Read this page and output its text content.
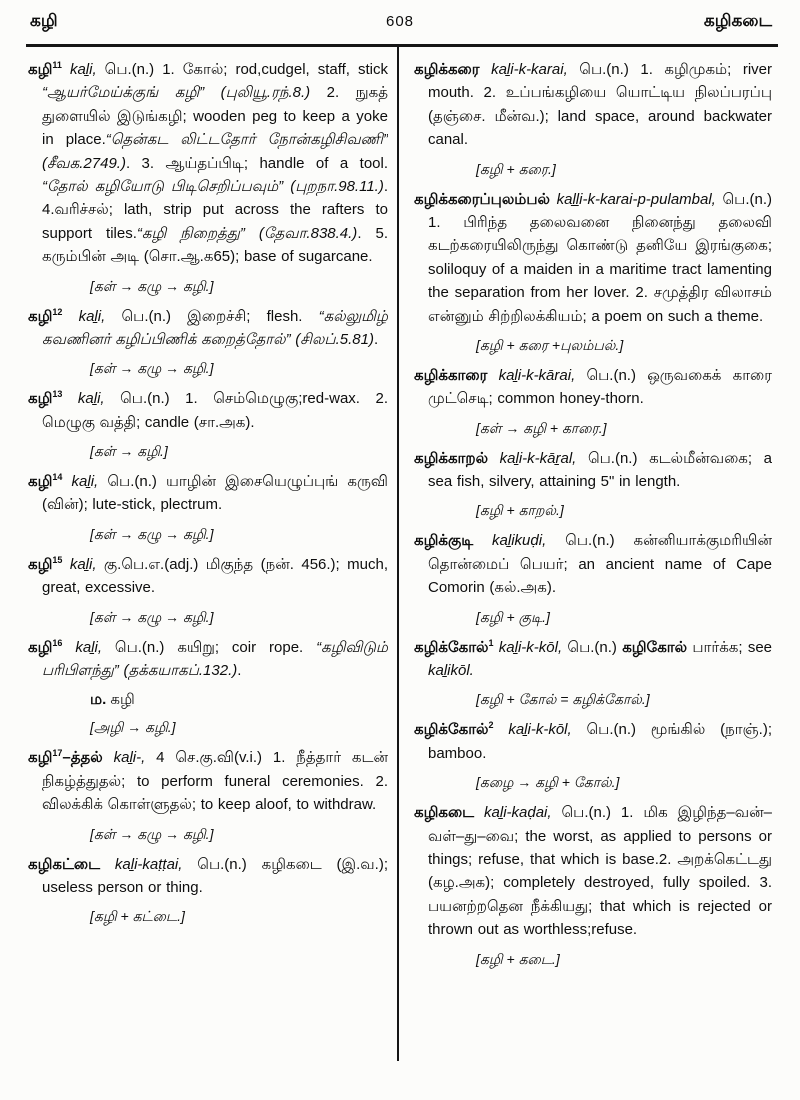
கழி	608	கழிகடை

கழி$^{11}$ kaḻi, பெ.(n.) 1. கோல்; rod,cudgel, staff, stick “ஆயர்மேய்க்குங் கழி” (புலியூ.ரந்.8.) 2. நுகத் துளையில் இடுங்கழி; wooden peg to keep a yoke in place.“தென்கட லிட்டதோர் நோன்கழிசிவணி” (சீவக.2749.). 3. ஆய்தப்பிடி; handle of a tool. “தோல் கழியோடு பிடிசெறிப்பவும்” (புறநா.98.11.). 4.வரிச்சல்; lath, strip put across the rafters to support tiles.“கழி நிறைத்து” (தேவா.838.4.). 5. கரும்பின் அடி (சொ.ஆ.க65); base of sugarcane.

[கள் → கழு → கழி.]

கழி$^{12}$ kaḻi, பெ.(n.) இறைச்சி; flesh. “கல்லுமிழ் கவணினர் கழிப்பிணிக் கறைத்தோல்” (சிலப்.5.81).

[கள் → கழு → கழி.]

கழி$^{13}$ kaḻi, பெ.(n.) 1. செம்மெழுகு;red-wax. 2. மெழுகு வத்தி; candle (சா.அக).

[கள் → கழி.]

கழி$^{14}$ kaḻi, பெ.(n.) யாழின் இசையெழுப்புங் கருவி (வின்); lute-stick, plectrum.

[கள் → கழு → கழி.]

கழி$^{15}$ kaḻi, கு.பெ.எ.(adj.) மிகுந்த (நன். 456.); much, great, excessive.

[கள் → கழு → கழி.]

கழி$^{16}$ kaḻi, பெ.(n.) கயிறு; coir rope. “கழிவிடும் பரிபிளந்து” (தக்கயாகப்.132.).

ம. கழி
[அழி → கழி.]

கழி$^{17}$–த்தல் kaḻi-, 4 செ.கு.வி(v.i.) 1. நீத்தார் கடன் நிகழ்த்துதல்; to perform funeral ceremonies. 2. விலக்கிக் கொள்ளுதல்; to keep aloof, to withdraw.

[கள் → கழு → கழி.]

கழிகட்டை kaḻi-kaṭṭai, பெ.(n.) கழிகடை (இ.வ.); useless person or thing.

[கழி + கட்டை.]

கழிக்கரை kaḻi-k-karai, பெ.(n.) 1. கழிமுகம்; river mouth. 2. உப்பங்கழியை யொட்டிய நிலப்பரப்பு (தஞ்சை. மீன்வ.); land space, around backwater canal.

[கழி + கரை.]

கழிக்கரைப்புலம்பல் kaḻḻi-k-karai-p-pulambal, பெ.(n.) 1. பிரிந்த தலைவனை நினைந்து தலைவி கடற்கரையிலிருந்து கொண்டு தனியே இரங்குகை; soliloquy of a maiden in a maritime tract lamenting the separation from her lover. 2. சமுத்திர விலாசம் என்னும் சிற்றிலக்கியம்; a poem on such a theme.

[கழி + கரை +புலம்பல்.]

கழிக்காரை kaḻi-k-kārai, பெ.(n.) ஒருவகைக் காரை முட்செடி; common honey-thorn.

[கள் → கழி + காரை.]

கழிக்காறல் kaḻi-k-kāṟal, பெ.(n.) கடல்மீன்வகை; a sea fish, silvery, attaining 5" in length.

[கழி + காறல்.]

கழிக்குடி kaḻikuḍi, பெ.(n.) கன்னியாக்குமரியின் தொன்மைப் பெயர்; an ancient name of Cape Comorin (கல்.அக).

[கழி + குடி.]

கழிக்கோல்$^1$ kaḻi-k-kōl, பெ.(n.) கழிகோல் பார்க்க; see kaḻikōl.

[கழி + கோல் = கழிக்கோல்.]

கழிக்கோல்$^2$ kaḻi-k-kōl, பெ.(n.) மூங்கில் (நாஞ்.); bamboo.

[கழை → கழி + கோல்.]

கழிகடை kaḻi-kaḍai, பெ.(n.) 1. மிக இழிந்த–வன்–வள்–து–வை; the worst, as applied to persons or things; refuse, that which is base.2. அறக்கெட்டது (கழ.அக); completely destroyed, fully spoiled. 3. பயனற்றதென நீக்கியது; that which is rejected or thrown out as worthless;refuse.

[கழி + கடை.]
